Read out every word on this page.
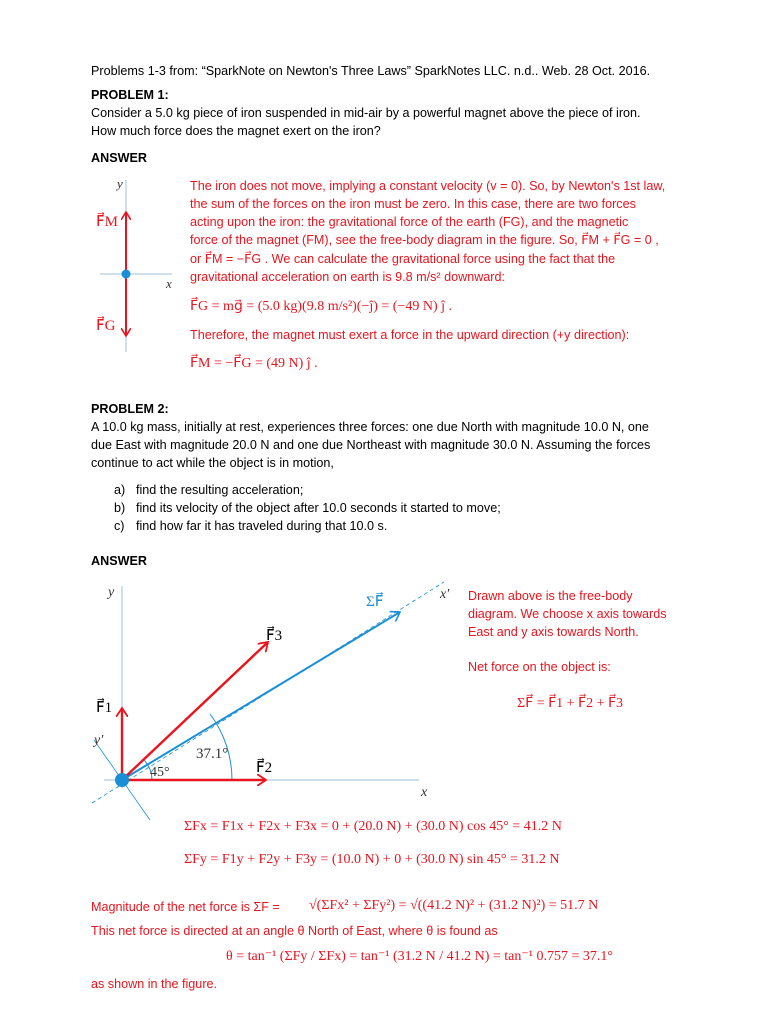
Problems 1-3 from: “SparkNote on Newton's Three Laws” SparkNotes LLC. n.d.. Web. 28 Oct. 2016.
PROBLEM 1:
Consider a 5.0 kg piece of iron suspended in mid-air by a powerful magnet above the piece of iron.
How much force does the magnet exert on the iron?
ANSWER
y
x
F⃗M
F⃗G
The iron does not move, implying a constant velocity (v = 0). So, by Newton's 1st law,
the sum of the forces on the iron must be zero. In this case, there are two forces
acting upon the iron: the gravitational force of the earth (FG), and the magnetic
force of the magnet (FM), see the free-body diagram in the figure. So, F⃗M + F⃗G = 0 ,
or F⃗M = −F⃗G . We can calculate the gravitational force using the fact that the
gravitational acceleration on earth is 9.8 m/s² downward:
F⃗G = mg⃗ = (5.0 kg)(9.8 m/s²)(−ĵ) = (−49 N) ĵ .
Therefore, the magnet must exert a force in the upward direction (+y direction):
F⃗M = −F⃗G = (49 N) ĵ .
PROBLEM 2:
A 10.0 kg mass, initially at rest, experiences three forces: one due North with magnitude 10.0 N, one
due East with magnitude 20.0 N and one due Northeast with magnitude 30.0 N. Assuming the forces
continue to act while the object is in motion,
a) find the resulting acceleration;
b) find its velocity of the object after 10.0 seconds it started to move;
c) find how far it has traveled during that 10.0 s.
ANSWER
y
x
x′
y′
45°
37.1°
ΣF⃗
F⃗1
F⃗2
F⃗3
Drawn above is the free-body
diagram. We choose x axis towards
East and y axis towards North.
Net force on the object is:
ΣF⃗ = F⃗1 + F⃗2 + F⃗3
ΣFx = F1x + F2x + F3x = 0 + (20.0 N) + (30.0 N) cos 45° = 41.2 N
ΣFy = F1y + F2y + F3y = (10.0 N) + 0 + (30.0 N) sin 45° = 31.2 N
Magnitude of the net force is ΣF = √(ΣFx² + ΣFy²) = √((41.2 N)² + (31.2 N)²) = 51.7 N
This net force is directed at an angle θ North of East, where θ is found as
θ = tan⁻¹ (ΣFy / ΣFx) = tan⁻¹ (31.2 N / 41.2 N) = tan⁻¹ 0.757 = 37.1°
as shown in the figure.
